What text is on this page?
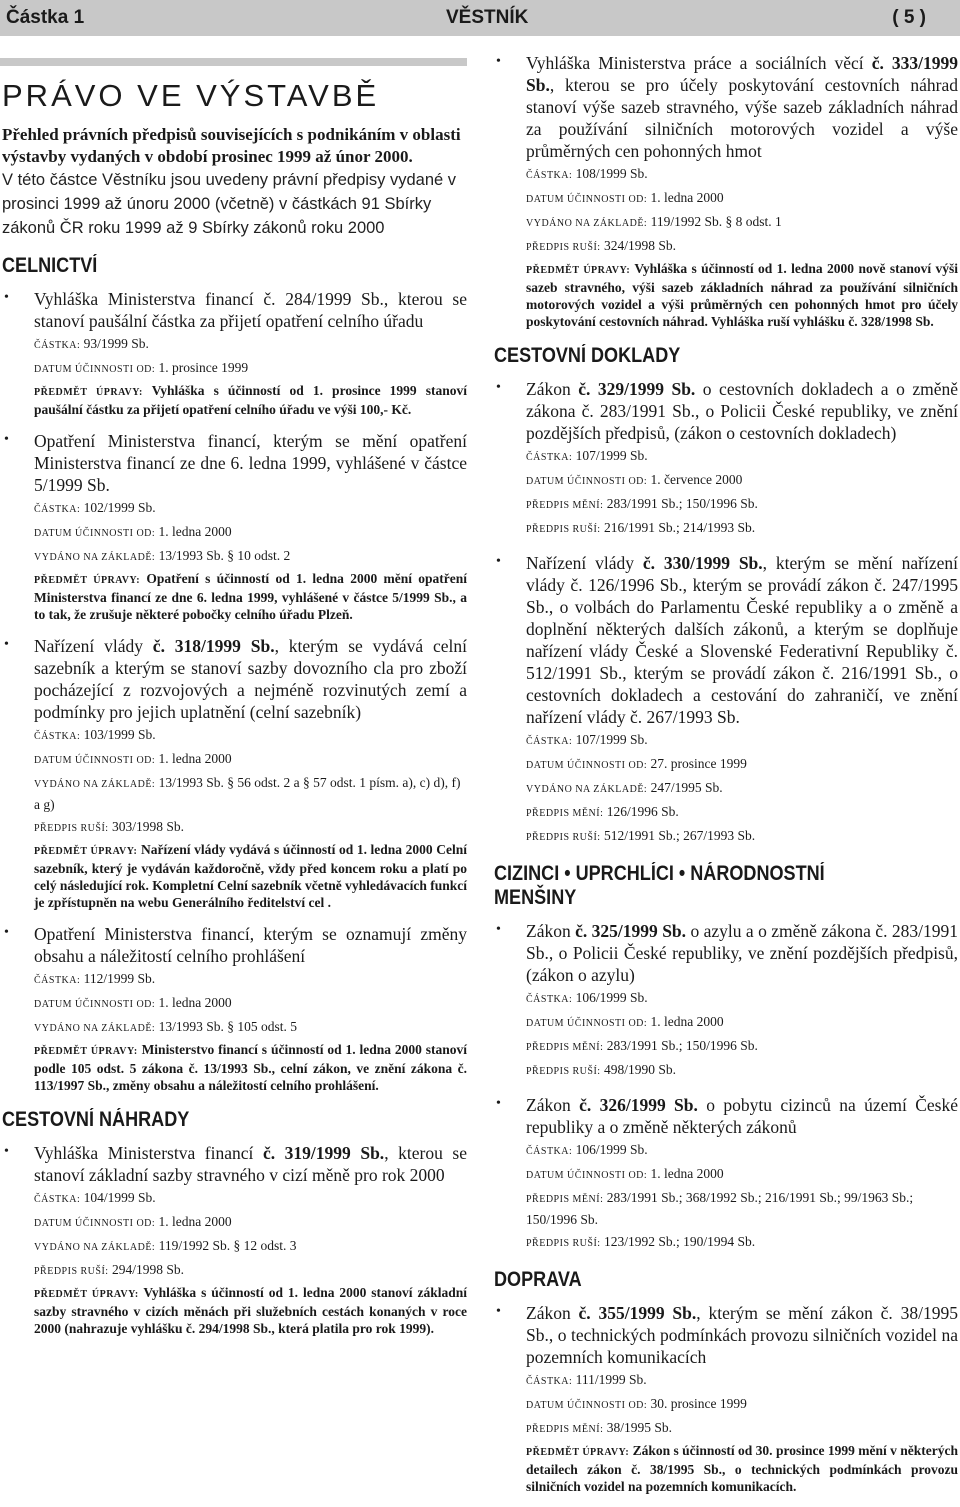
Částka 1	VĚSTNÍK	( 5 )
PRÁVO VE VÝSTAVBĚ

Přehled právních předpisů souvisejících s podnikáním v oblasti výstavby vydaných v období prosinec 1999 až únor 2000.

V této částce Věstníku jsou uvedeny právní předpisy vydané v prosinci 1999 až únoru 2000 (včetně) v částkách 91 Sbírky zákonů ČR roku 1999 až 9 Sbírky zákonů roku 2000

CELNICTVÍ
• Vyhláška Ministerstva financí č. 284/1999 Sb., kterou se stanoví paušální částka za přijetí opatření celního úřadu
ČÁSTKA: 93/1999 Sb.
DATUM ÚČINNOSTI OD: 1. prosince 1999
PŘEDMĚT ÚPRAVY: Vyhláška s účinností od 1. prosince 1999 stanoví paušální částku za přijetí opatření celního úřadu ve výši 100,- Kč.
• Opatření Ministerstva financí, kterým se mění opatření Ministerstva financí ze dne 6. ledna 1999, vyhlášené v částce 5/1999 Sb.
ČÁSTKA: 102/1999 Sb.
DATUM ÚČINNOSTI OD: 1. ledna 2000
VYDÁNO NA ZÁKLADĚ: 13/1993 Sb. § 10 odst. 2
PŘEDMĚT ÚPRAVY: Opatření s účinností od 1. ledna 2000 mění opatření Ministerstva financí ze dne 6. ledna 1999, vyhlášené v částce 5/1999 Sb., a to tak, že zrušuje některé pobočky celního úřadu Plzeň.
• Nařízení vlády č. 318/1999 Sb., kterým se vydává celní sazebník a kterým se stanoví sazby dovozního cla pro zboží pocházející z rozvojových a nejméně rozvinutých zemí a podmínky pro jejich uplatnění (celní sazebník)
ČÁSTKA: 103/1999 Sb.
DATUM ÚČINNOSTI OD: 1. ledna 2000
VYDÁNO NA ZÁKLADĚ: 13/1993 Sb. § 56 odst. 2 a § 57 odst. 1 písm. a), c) d), f) a g)
PŘEDPIS RUŠÍ: 303/1998 Sb.
PŘEDMĚT ÚPRAVY: Nařízení vlády vydává s účinností od 1. ledna 2000 Celní sazebník, který je vydáván každoročně, vždy před koncem roku a platí po celý následující rok. Kompletní Celní sazebník včetně vyhledávacích funkcí je zpřístupněn na webu Generálního ředitelství cel .
• Opatření Ministerstva financí, kterým se oznamují změny obsahu a náležitostí celního prohlášení
ČÁSTKA: 112/1999 Sb.
DATUM ÚČINNOSTI OD: 1. ledna 2000
VYDÁNO NA ZÁKLADĚ: 13/1993 Sb. § 105 odst. 5
PŘEDMĚT ÚPRAVY: Ministerstvo financí s účinností od 1. ledna 2000 stanoví podle 105 odst. 5 zákona č. 13/1993 Sb., celní zákon, ve znění zákona č. 113/1997 Sb., změny obsahu a náležitostí celního prohlášení.
CESTOVNÍ NÁHRADY
• Vyhláška Ministerstva financí č. 319/1999 Sb., kterou se stanoví základní sazby stravného v cizí měně pro rok 2000
ČÁSTKA: 104/1999 Sb.
DATUM ÚČINNOSTI OD: 1. ledna 2000
VYDÁNO NA ZÁKLADĚ: 119/1992 Sb. § 12 odst. 3
PŘEDPIS RUŠÍ: 294/1998 Sb.
PŘEDMĚT ÚPRAVY: Vyhláška s účinností od 1. ledna 2000 stanoví základní sazby stravného v cizích měnách při služebních cestách konaných v roce 2000 (nahrazuje vyhlášku č. 294/1998 Sb., která platila pro rok 1999).
• Vyhláška Ministerstva práce a sociálních věcí č. 333/1999 Sb., kterou se pro účely poskytování cestovních náhrad stanoví výše sazeb stravného, výše sazeb základních náhrad za používání silničních motorových vozidel a výše průměrných cen pohonných hmot
ČÁSTKA: 108/1999 Sb.
DATUM ÚČINNOSTI OD: 1. ledna 2000
VYDÁNO NA ZÁKLADĚ: 119/1992 Sb. § 8 odst. 1
PŘEDPIS RUŠÍ: 324/1998 Sb.
PŘEDMĚT ÚPRAVY: Vyhláška s účinností od 1. ledna 2000 nově stanoví výši sazeb stravného, výši sazeb základních náhrad za používání silničních motorových vozidel a výši průměrných cen pohonných hmot pro účely poskytování cestovních náhrad. Vyhláška ruší vyhlášku č. 328/1998 Sb.
CESTOVNÍ DOKLADY
• Zákon č. 329/1999 Sb. o cestovních dokladech a o změně zákona č. 283/1991 Sb., o Policii České republiky, ve znění pozdějších předpisů, (zákon o cestovních dokladech)
ČÁSTKA: 107/1999 Sb.
DATUM ÚČINNOSTI OD: 1. července 2000
PŘEDPIS MĚNÍ: 283/1991 Sb.; 150/1996 Sb.
PŘEDPIS RUŠÍ: 216/1991 Sb.; 214/1993 Sb.
• Nařízení vlády č. 330/1999 Sb., kterým se mění nařízení vlády č. 126/1996 Sb., kterým se provádí zákon č. 247/1995 Sb., o volbách do Parlamentu České republiky a o změně a doplnění některých dalších zákonů, a kterým se doplňuje nařízení vlády České a Slovenské Federativní Republiky č. 512/1991 Sb., kterým se provádí zákon č. 216/1991 Sb., o cestovních dokladech a cestování do zahraničí, ve znění nařízení vlády č. 267/1993 Sb.
ČÁSTKA: 107/1999 Sb.
DATUM ÚČINNOSTI OD: 27. prosince 1999
VYDÁNO NA ZÁKLADĚ: 247/1995 Sb.
PŘEDPIS MĚNÍ: 126/1996 Sb.
PŘEDPIS RUŠÍ: 512/1991 Sb.; 267/1993 Sb.
CIZINCI • UPRCHLÍCI • NÁRODNOSTNÍ MENŠINY
• Zákon č. 325/1999 Sb. o azylu a o změně zákona č. 283/1991 Sb., o Policii České republiky, ve znění pozdějších předpisů, (zákon o azylu)
ČÁSTKA: 106/1999 Sb.
DATUM ÚČINNOSTI OD: 1. ledna 2000
PŘEDPIS MĚNÍ: 283/1991 Sb.; 150/1996 Sb.
PŘEDPIS RUŠÍ: 498/1990 Sb.
• Zákon č. 326/1999 Sb. o pobytu cizinců na území České republiky a o změně některých zákonů
ČÁSTKA: 106/1999 Sb.
DATUM ÚČINNOSTI OD: 1. ledna 2000
PŘEDPIS MĚNÍ: 283/1991 Sb.; 368/1992 Sb.; 216/1991 Sb.; 99/1963 Sb.; 150/1996 Sb.
PŘEDPIS RUŠÍ: 123/1992 Sb.; 190/1994 Sb.
DOPRAVA
• Zákon č. 355/1999 Sb., kterým se mění zákon č. 38/1995 Sb., o technických podmínkách provozu silničních vozidel na pozemních komunikacích
ČÁSTKA: 111/1999 Sb.
DATUM ÚČINNOSTI OD: 30. prosince 1999
PŘEDPIS MĚNÍ: 38/1995 Sb.
PŘEDMĚT ÚPRAVY: Zákon s účinností od 30. prosince 1999 mění v některých detailech zákon č. 38/1995 Sb., o technických podmínkách provozu silničních vozidel na pozemních komunikacích.
